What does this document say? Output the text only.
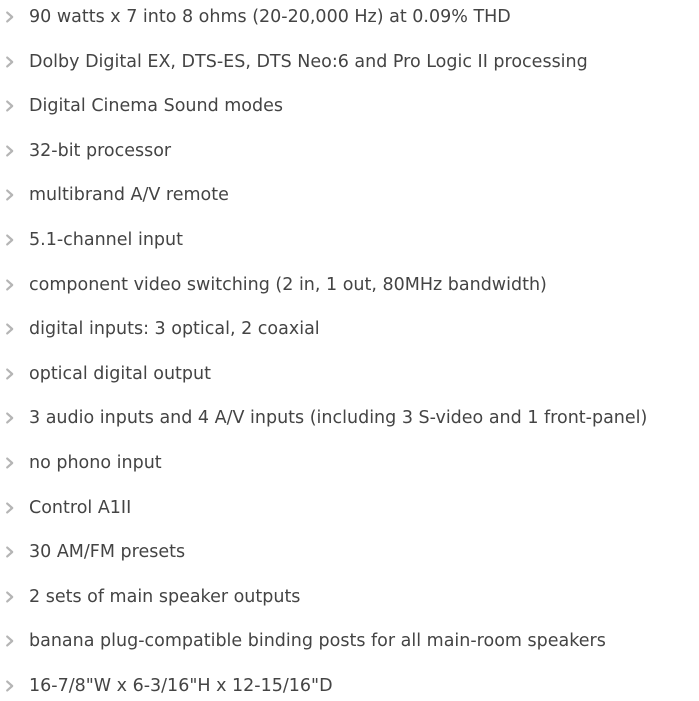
90 watts x 7 into 8 ohms (20-20,000 Hz) at 0.09% THD
Dolby Digital EX, DTS-ES, DTS Neo:6 and Pro Logic II processing
Digital Cinema Sound modes
32-bit processor
multibrand A/V remote
5.1-channel input
component video switching (2 in, 1 out, 80MHz bandwidth)
digital inputs: 3 optical, 2 coaxial
optical digital output
3 audio inputs and 4 A/V inputs (including 3 S-video and 1 front-panel)
no phono input
Control A1II
30 AM/FM presets
2 sets of main speaker outputs
banana plug-compatible binding posts for all main-room speakers
16-7/8"W x 6-3/16"H x 12-15/16"D
